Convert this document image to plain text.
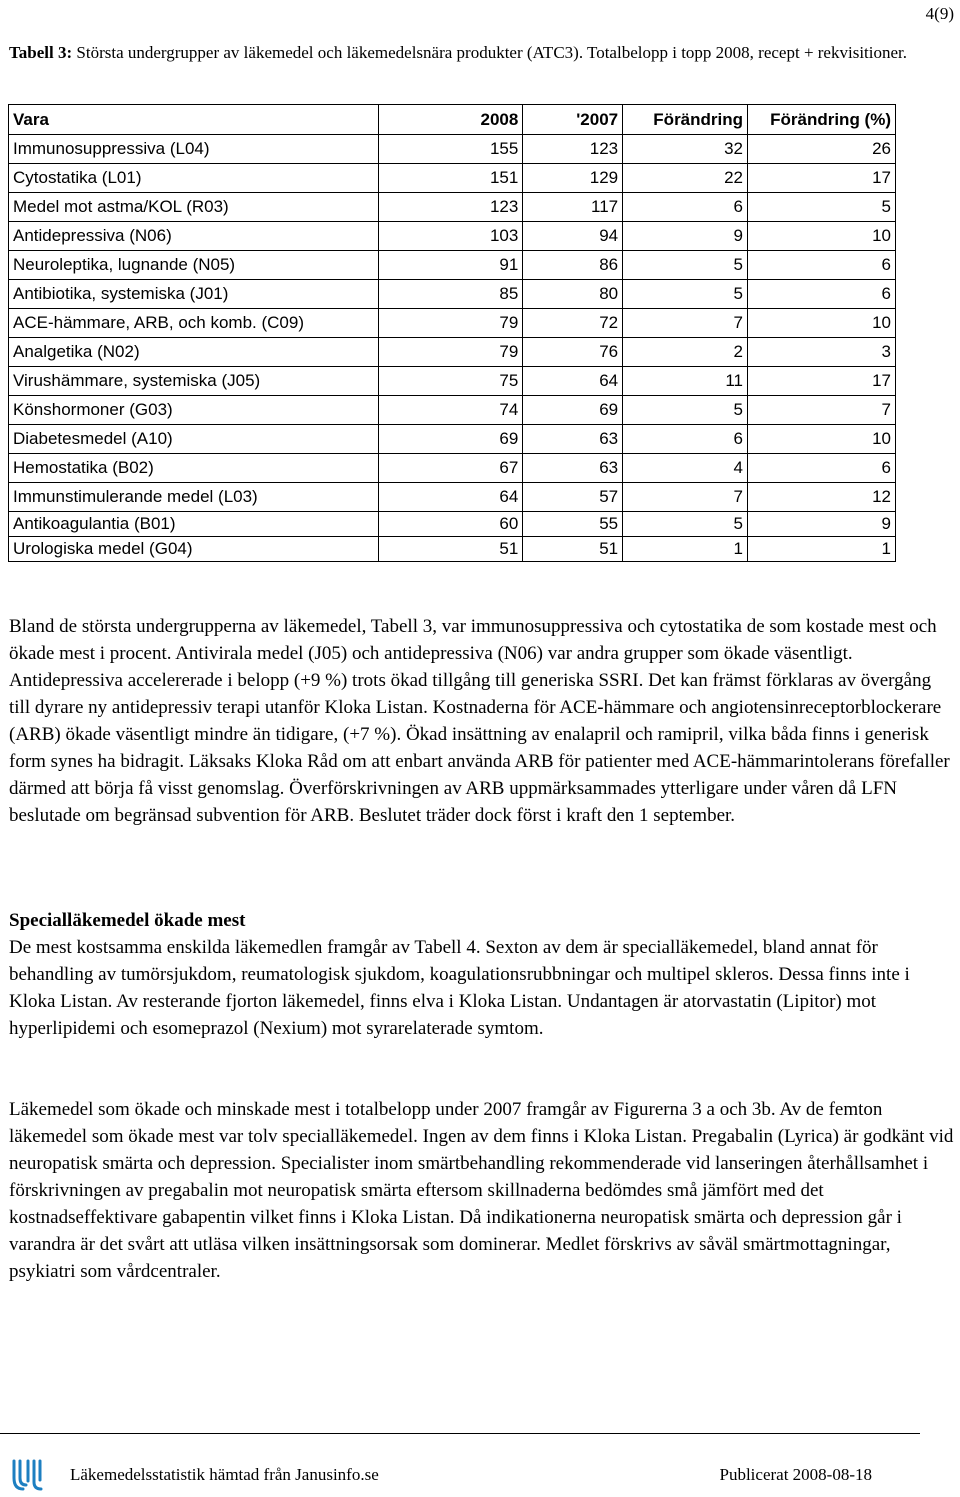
4(9)
Tabell 3: Största undergrupper av läkemedel och läkemedelsnära produkter (ATC3). Totalbelopp i topp 2008, recept + rekvisitioner.
Vara	2008	'2007	Förändring	Förändring (%)
Immunosuppressiva (L04)	155	123	32	26
Cytostatika (L01)	151	129	22	17
Medel mot astma/KOL (R03)	123	117	6	5
Antidepressiva (N06)	103	94	9	10
Neuroleptika, lugnande (N05)	91	86	5	6
Antibiotika, systemiska (J01)	85	80	5	6
ACE-hämmare, ARB, och komb. (C09)	79	72	7	10
Analgetika (N02)	79	76	2	3
Virushämmare, systemiska (J05)	75	64	11	17
Könshormoner (G03)	74	69	5	7
Diabetesmedel (A10)	69	63	6	10
Hemostatika (B02)	67	63	4	6
Immunstimulerande medel (L03)	64	57	7	12
Antikoagulantia (B01)	60	55	5	9
Urologiska medel (G04)	51	51	1	1

Bland de största undergrupperna av läkemedel, Tabell 3, var immunosuppressiva och cytostatika de som kostade mest och ökade mest i procent. Antivirala medel (J05) och antidepressiva (N06) var andra grupper som ökade väsentligt. Antidepressiva accelererade i belopp (+9 %) trots ökad tillgång till generiska SSRI. Det kan främst förklaras av övergång till dyrare ny antidepressiv terapi utanför Kloka Listan. Kostnaderna för ACE-hämmare och angiotensinreceptorblockerare (ARB) ökade väsentligt mindre än tidigare, (+7 %). Ökad insättning av enalapril och ramipril, vilka båda finns i generisk form synes ha bidragit. Läksaks Kloka Råd om att enbart använda ARB för patienter med ACE-hämmarintolerans förefaller därmed att börja få visst genomslag. Överförskrivningen av ARB uppmärksammades ytterligare under våren då LFN beslutade om begränsad subvention för ARB. Beslutet träder dock först i kraft den 1 september.

Specialläkemedel ökade mest

De mest kostsamma enskilda läkemedlen framgår av Tabell 4. Sexton av dem är specialläkemedel, bland annat för behandling av tumörsjukdom, reumatologisk sjukdom, koagulationsrubbningar och multipel skleros. Dessa finns inte i Kloka Listan. Av resterande fjorton läkemedel, finns elva i Kloka Listan. Undantagen är atorvastatin (Lipitor) mot hyperlipidemi och esomeprazol (Nexium) mot syrarelaterade symtom.

Läkemedel som ökade och minskade mest i totalbelopp under 2007 framgår av Figurerna 3 a och 3b. Av de femton läkemedel som ökade mest var tolv specialläkemedel. Ingen av dem finns i Kloka Listan. Pregabalin (Lyrica) är godkänt vid neuropatisk smärta och depression. Specialister inom smärtbehandling rekommenderade vid lanseringen återhållsamhet i förskrivningen av pregabalin mot neuropatisk smärta eftersom skillnaderna bedömdes små jämfört med det kostnadseffektivare gabapentin vilket finns i Kloka Listan. Då indikationerna neuropatisk smärta och depression går i varandra är det svårt att utläsa vilken insättningsorsak som dominerar. Medlet förskrivs av såväl smärtmottagningar, psykiatri som vårdcentraler.

Läkemedelsstatistik hämtad från Janusinfo.se	Publicerat 2008-08-18
